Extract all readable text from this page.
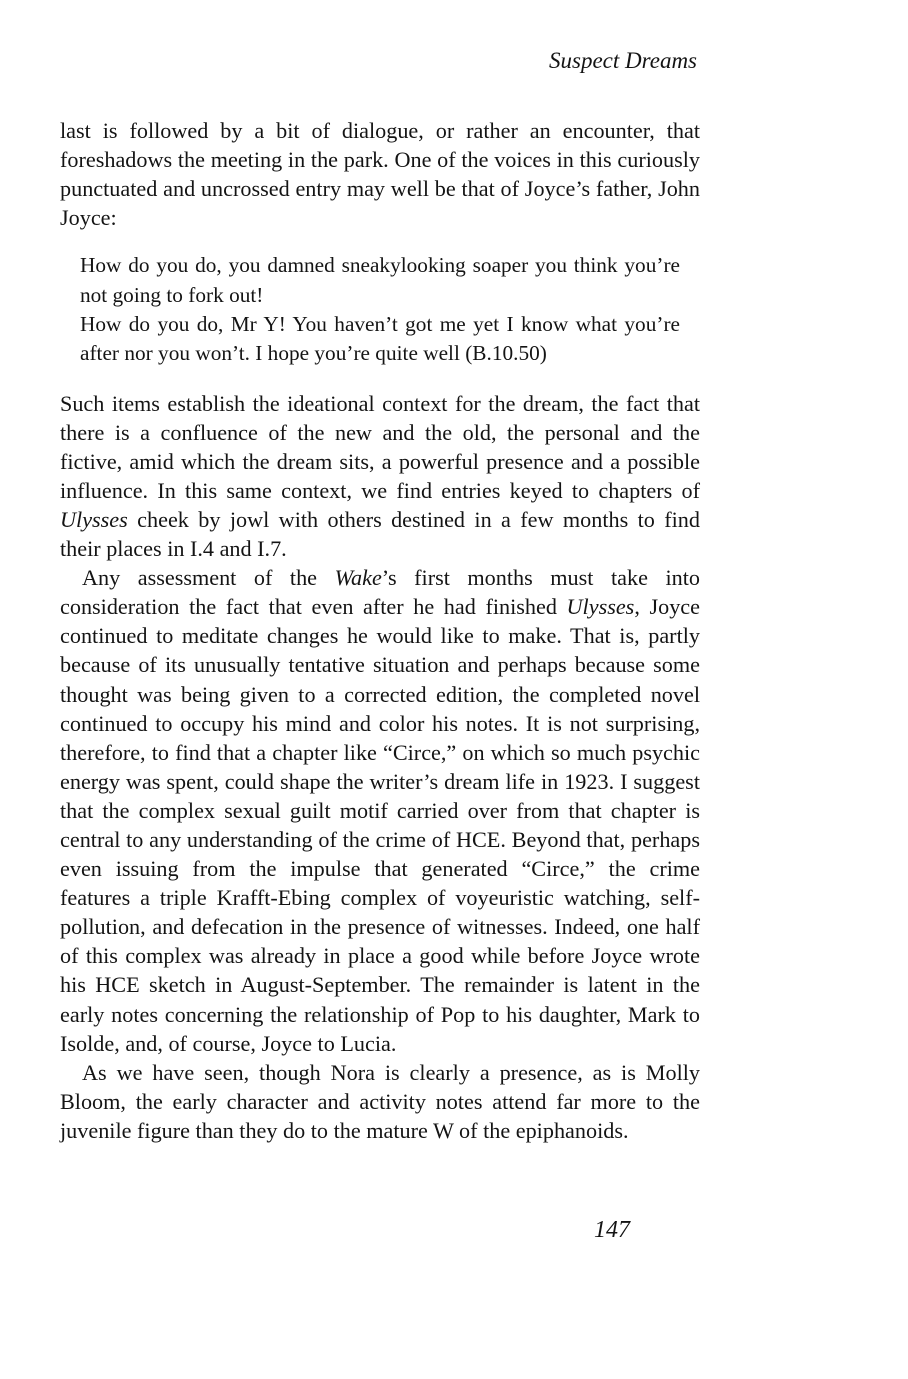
Suspect Dreams

last is followed by a bit of dialogue, or rather an encounter, that foreshadows the meeting in the park. One of the voices in this curiously punctuated and uncrossed entry may well be that of Joyce’s father, John Joyce:

How do you do, you damned sneakylooking soaper you think you’re not going to fork out!

How do you do, Mr Y! You haven’t got me yet I know what you’re after nor you won’t. I hope you’re quite well (B.10.50)

Such items establish the ideational context for the dream, the fact that there is a confluence of the new and the old, the personal and the fictive, amid which the dream sits, a powerful presence and a possible influence. In this same context, we find entries keyed to chapters of Ulysses cheek by jowl with others destined in a few months to find their places in I.4 and I.7.

Any assessment of the Wake’s first months must take into consideration the fact that even after he had finished Ulysses, Joyce continued to meditate changes he would like to make. That is, partly because of its unusually tentative situation and perhaps because some thought was being given to a corrected edition, the completed novel continued to occupy his mind and color his notes. It is not surprising, therefore, to find that a chapter like “Circe,” on which so much psychic energy was spent, could shape the writer’s dream life in 1923. I suggest that the complex sexual guilt motif carried over from that chapter is central to any understanding of the crime of HCE. Beyond that, perhaps even issuing from the impulse that generated “Circe,” the crime features a triple Krafft-Ebing complex of voyeuristic watching, self-pollution, and defecation in the presence of witnesses. Indeed, one half of this complex was already in place a good while before Joyce wrote his HCE sketch in August-September. The remainder is latent in the early notes concerning the relationship of Pop to his daughter, Mark to Isolde, and, of course, Joyce to Lucia.

As we have seen, though Nora is clearly a presence, as is Molly Bloom, the early character and activity notes attend far more to the juvenile figure than they do to the mature W of the epiphanoids.

147
